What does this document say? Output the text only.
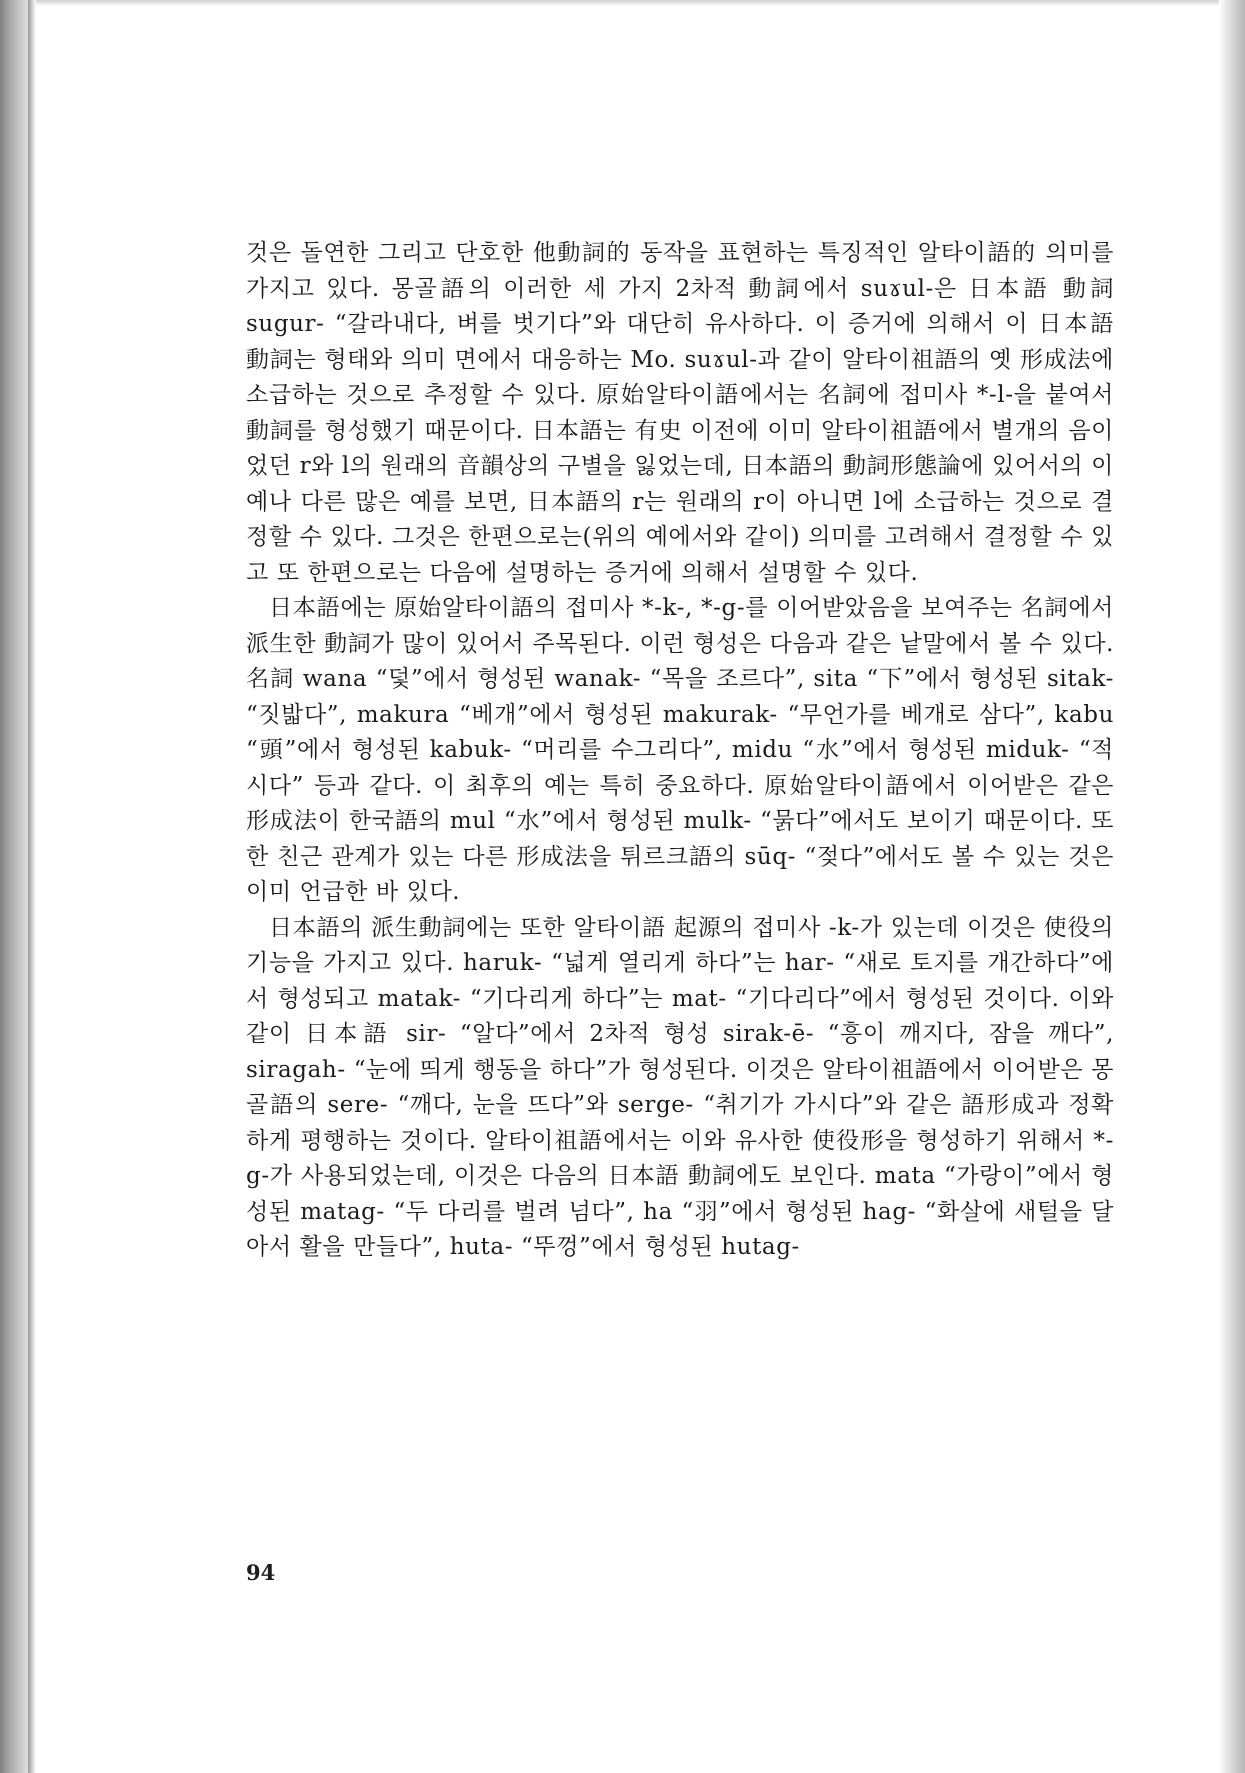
것은 돌연한 그리고 단호한 他動詞的 동작을 표현하는 특징적인 알타이語的 의미를 가지고 있다. 몽골語의 이러한 세 가지 2차적 動詞에서 suɤul-은 日本語 動詞 sugur- “갈라내다, 벼를 벗기다”와 대단히 유사하다. 이 증거에 의해서 이 日本語 動詞는 형태와 의미 면에서 대응하는 Mo. suɤul-과 같이 알타이祖語의 옛 形成法에 소급하는 것으로 추정할 수 있다. 原始알타이語에서는 名詞에 접미사 *-l-을 붙여서 動詞를 형성했기 때문이다. 日本語는 有史 이전에 이미 알타이祖語에서 별개의 음이었던 r와 l의 원래의 音韻상의 구별을 잃었는데, 日本語의 動詞形態論에 있어서의 이 예나 다른 많은 예를 보면, 日本語의 r는 원래의 r이 아니면 l에 소급하는 것으로 결정할 수 있다. 그것은 한편으로는(위의 예에서와 같이) 의미를 고려해서 결정할 수 있고 또 한편으로는 다음에 설명하는 증거에 의해서 설명할 수 있다.

日本語에는 原始알타이語의 접미사 *-k-, *-g-를 이어받았음을 보여주는 名詞에서 派生한 動詞가 많이 있어서 주목된다. 이런 형성은 다음과 같은 낱말에서 볼 수 있다. 名詞 wana “덫”에서 형성된 wanak- “목을 조르다”, sita “下”에서 형성된 sitak- “짓밟다”, makura “베개”에서 형성된 makurak- “무언가를 베개로 삼다”, kabu “頭”에서 형성된 kabuk- “머리를 수그리다”, midu “水”에서 형성된 miduk- “적시다” 등과 같다. 이 최후의 예는 특히 중요하다. 原始알타이語에서 이어받은 같은 形成法이 한국語의 mul “水”에서 형성된 mulk- “묽다”에서도 보이기 때문이다. 또한 친근 관계가 있는 다른 形成法을 튀르크語의 sūq- “젖다”에서도 볼 수 있는 것은 이미 언급한 바 있다.

日本語의 派生動詞에는 또한 알타이語 起源의 접미사 -k-가 있는데 이것은 使役의 기능을 가지고 있다. haruk- “넓게 열리게 하다”는 har- “새로 토지를 개간하다”에서 형성되고 matak- “기다리게 하다”는 mat- “기다리다”에서 형성된 것이다. 이와 같이 日本語 sir- “알다”에서 2차적 형성 sirak-ē- “흥이 깨지다, 잠을 깨다”, siragah- “눈에 띄게 행동을 하다”가 형성된다. 이것은 알타이祖語에서 이어받은 몽골語의 sere- “깨다, 눈을 뜨다”와 serge- “취기가 가시다”와 같은 語形成과 정확하게 평행하는 것이다. 알타이祖語에서는 이와 유사한 使役形을 형성하기 위해서 *-g-가 사용되었는데, 이것은 다음의 日本語 動詞에도 보인다. mata “가랑이”에서 형성된 matag- “두 다리를 벌려 넘다”, ha “羽”에서 형성된 hag- “화살에 새털을 달아서 활을 만들다”, huta- “뚜껑”에서 형성된 hutag-

94
